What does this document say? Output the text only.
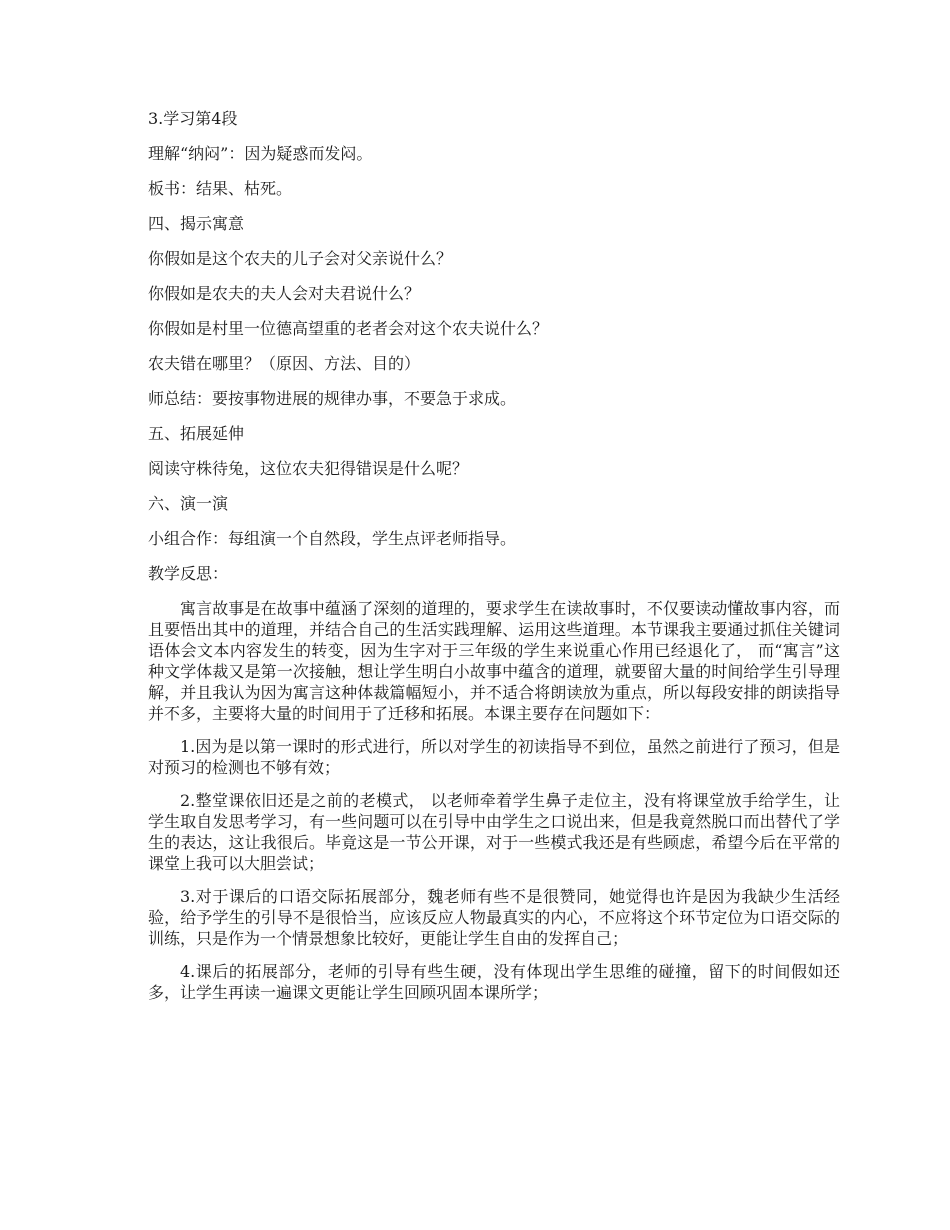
3.学习第4段
理解“纳闷”：因为疑惑而发闷。
板书：结果、枯死。
四、揭示寓意
你假如是这个农夫的儿子会对父亲说什么？
你假如是农夫的夫人会对夫君说什么？
你假如是村里一位德高望重的老者会对这个农夫说什么？
农夫错在哪里？（原因、方法、目的）
师总结：要按事物进展的规律办事，不要急于求成。
五、拓展延伸
阅读守株待兔，这位农夫犯得错误是什么呢？
六、演一演
小组合作：每组演一个自然段，学生点评老师指导。
教学反思：

寓言故事是在故事中蕴涵了深刻的道理的，要求学生在读故事时，不仅要读动懂故事内容，而且要悟出其中的道理，并结合自己的生活实践理解、运用这些道理。本节课我主要通过抓住关键词语体会文本内容发生的转变，因为生字对于三年级的学生来说重心作用已经退化了， 而“寓言”这种文学体裁又是第一次接触，想让学生明白小故事中蕴含的道理，就要留大量的时间给学生引导理解，并且我认为因为寓言这种体裁篇幅短小，并不适合将朗读放为重点，所以每段安排的朗读指导并不多，主要将大量的时间用于了迁移和拓展。本课主要存在问题如下：

1.因为是以第一课时的形式进行，所以对学生的初读指导不到位，虽然之前进行了预习，但是对预习的检测也不够有效；

2.整堂课依旧还是之前的老模式， 以老师牵着学生鼻子走位主，没有将课堂放手给学生，让学生取自发思考学习，有一些问题可以在引导中由学生之口说出来，但是我竟然脱口而出替代了学生的表达，这让我很后。毕竟这是一节公开课，对于一些模式我还是有些顾虑，希望今后在平常的课堂上我可以大胆尝试；

3.对于课后的口语交际拓展部分，魏老师有些不是很赞同，她觉得也许是因为我缺少生活经验，给予学生的引导不是很恰当，应该反应人物最真实的内心，不应将这个环节定位为口语交际的训练，只是作为一个情景想象比较好，更能让学生自由的发挥自己；

4.课后的拓展部分，老师的引导有些生硬，没有体现出学生思维的碰撞，留下的时间假如还多，让学生再读一遍课文更能让学生回顾巩固本课所学；
